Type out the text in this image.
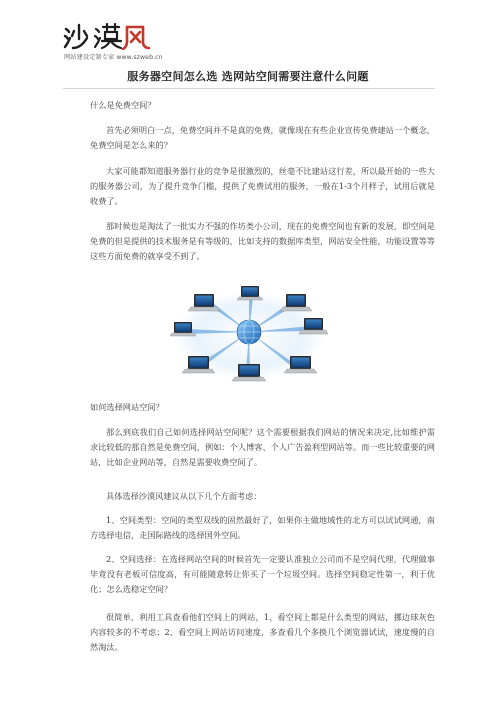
网站建设定制专家 www.szweb.cn
服务器空间怎么选 选网站空间需要注意什么问题

什么是免费空间？

首先必须明白一点，免费空间并不是真的免费，就像现在有些企业宣传免费建站一个概念，免费空间是怎么来的？

大家可能都知道服务器行业的竞争是很激烈的，丝毫不比建站这行差，所以最开始的一些大的服务器公司，为了提升竞争门槛，提供了免费试用的服务，一般在1-3个月样子，试用后就是收费了。

那时候也是淘汰了一批实力不强的作坊类小公司，现在的免费空间也有新的发展，即空间是免费的但是提供的技术服务是有等级的，比如支持的数据库类型，网站安全性能，功能设置等等这些方面免费的就享受不到了。

如何选择网站空间？

那么到底我们自己如何选择网站空间呢？这个需要根据我们网站的情况来决定,比如维护需求比较低的那自然是免费空间，例如：个人博客、个人广告盈利型网站等。而一些比较重要的网站，比如企业网站等，自然是需要收费空间了。

具体选择沙漠风建议从以下几个方面考虑：

1、空间类型：空间的类型双线的固然最好了，如果你主做地域性的北方可以试试网通，南方选择电信，走国际路线的选择国外空间。

2、空间选择：在选择网站空间的时候首先一定要认准独立公司而不是空间代理，代理做事毕竟没有老板可信度高，有可能随意转让你买了一个垃圾空间。选择空间稳定性第一，利于优化；怎么选稳定空间？

很简单，利用工具查看他们空间上的网站，1、看空间上都是什么类型的网站，挪边球灰色内容较多的不考虑；2、看空间上网站访问速度，多查看几个多换几个浏览器试试，速度慢的自然淘汰。
